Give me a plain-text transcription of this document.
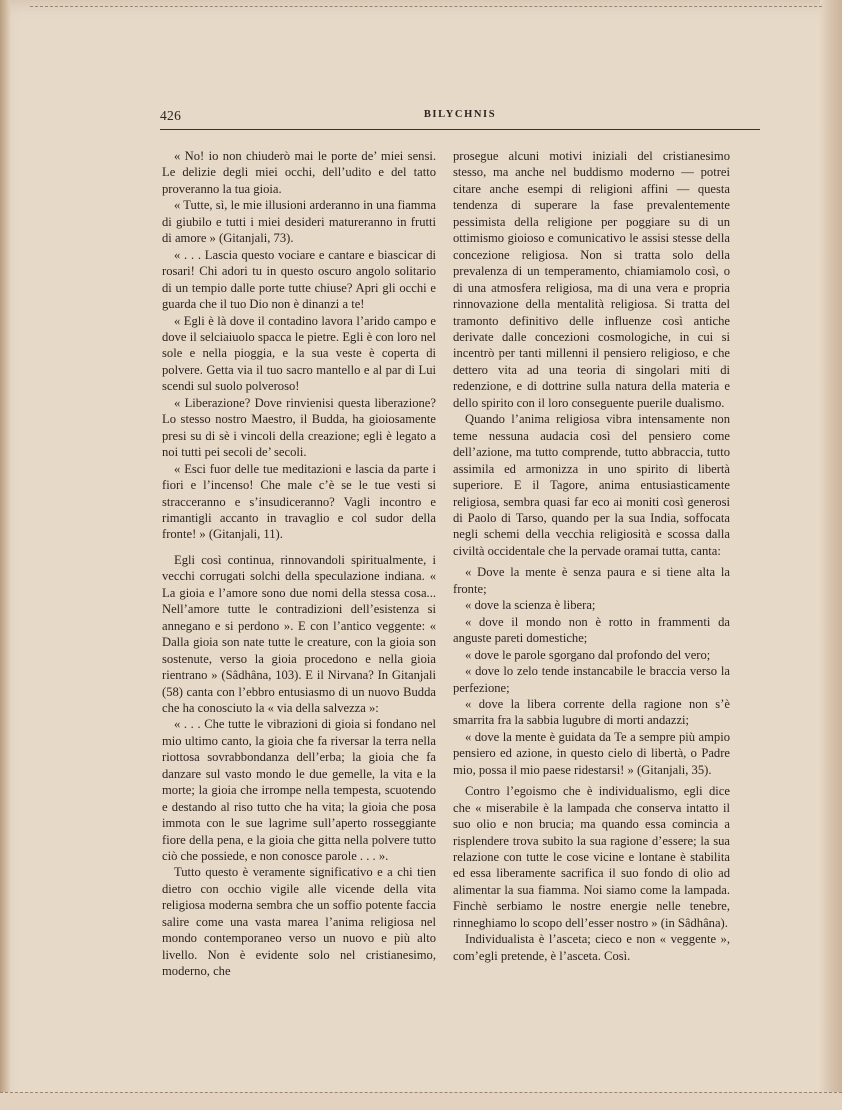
426	BILYCHNIS

« No! io non chiuderò mai le porte de’ miei sensi. Le delizie degli miei occhi, dell’udito e del tatto proveranno la tua gioia.

« Tutte, sì, le mie illusioni arderanno in una fiamma di giubilo e tutti i miei desideri matureranno in frutti di amore » (Gitanjali, 73).

« . . . Lascia questo vociare e cantare e biascicar di rosari! Chi adori tu in questo oscuro angolo solitario di un tempio dalle porte tutte chiuse? Apri gli occhi e guarda che il tuo Dio non è dinanzi a te!

« Egli è là dove il contadino lavora l’arido campo e dove il selciaiuolo spacca le pietre. Egli è con loro nel sole e nella pioggia, e la sua veste è coperta di polvere. Getta via il tuo sacro mantello e al par di Lui scendi sul suolo polveroso!

« Liberazione? Dove rinvienisi questa liberazione? Lo stesso nostro Maestro, il Budda, ha gioiosamente presi su di sè i vincoli della creazione; egli è legato a noi tutti pei secoli de’ secoli.

« Esci fuor delle tue meditazioni e lascia da parte i fiori e l’incenso! Che male c’è se le tue vesti si stracceranno e s’insudiceranno? Vagli incontro e rimantigli accanto in travaglio e col sudor della fronte! » (Gitanjali, 11).

Egli così continua, rinnovandoli spiritualmente, i vecchi corrugati solchi della speculazione indiana. « La gioia e l’amore sono due nomi della stessa cosa... Nell’amore tutte le contradizioni dell’esistenza si annegano e si perdono ». E con l’antico veggente: « Dalla gioia son nate tutte le creature, con la gioia son sostenute, verso la gioia procedono e nella gioia rientrano » (Sâdhâna, 103). E il Nirvana? In Gitanjali (58) canta con l’ebbro entusiasmo di un nuovo Budda che ha conosciuto la « via della salvezza »:

« . . . Che tutte le vibrazioni di gioia si fondano nel mio ultimo canto, la gioia che fa riversar la terra nella riottosa sovrabbondanza dell’erba; la gioia che fa danzare sul vasto mondo le due gemelle, la vita e la morte; la gioia che irrompe nella tempesta, scuotendo e destando al riso tutto che ha vita; la gioia che posa immota con le sue lagrime sull’aperto rosseggiante fiore della pena, e la gioia che gitta nella polvere tutto ciò che possiede, e non conosce parole . . . ».

Tutto questo è veramente significativo e a chi tien dietro con occhio vigile alle vicende della vita religiosa moderna sembra che un soffio potente faccia salire come una vasta marea l’anima religiosa nel mondo contemporaneo verso un nuovo e più alto livello. Non è evidente solo nel cristianesimo, moderno, che

prosegue alcuni motivi iniziali del cristianesimo stesso, ma anche nel buddismo moderno — potrei citare anche esempi di religioni affini — questa tendenza di superare la fase prevalentemente pessimista della religione per poggiare su di un ottimismo gioioso e comunicativo le assisi stesse della concezione religiosa. Non si tratta solo della prevalenza di un temperamento, chiamiamolo così, o di una atmosfera religiosa, ma di una vera e propria rinnovazione della mentalità religiosa. Si tratta del tramonto definitivo delle influenze così antiche derivate dalle concezioni cosmologiche, in cui si incentrò per tanti millenni il pensiero religioso, e che dettero vita ad una teoria di singolari miti di redenzione, e di dottrine sulla natura della materia e dello spirito con il loro conseguente puerile dualismo.

Quando l’anima religiosa vibra intensamente non teme nessuna audacia così del pensiero come dell’azione, ma tutto comprende, tutto abbraccia, tutto assimila ed armonizza in uno spirito di libertà superiore. E il Tagore, anima entusiasticamente religiosa, sembra quasi far eco ai moniti così generosi di Paolo di Tarso, quando per la sua India, soffocata negli schemi della vecchia religiosità e scossa dalla civiltà occidentale che la pervade oramai tutta, canta:

« Dove la mente è senza paura e si tiene alta la fronte;

« dove la scienza è libera;

« dove il mondo non è rotto in frammenti da anguste pareti domestiche;

« dove le parole sgorgano dal profondo del vero;

« dove lo zelo tende instancabile le braccia verso la perfezione;

« dove la libera corrente della ragione non s’è smarrita fra la sabbia lugubre di morti andazzi;

« dove la mente è guidata da Te a sempre più ampio pensiero ed azione, in questo cielo di libertà, o Padre mio, possa il mio paese ridestarsi! » (Gitanjali, 35).

Contro l’egoismo che è individualismo, egli dice che « miserabile è la lampada che conserva intatto il suo olio e non brucia; ma quando essa comincia a risplendere trova subito la sua ragione d’essere; la sua relazione con tutte le cose vicine e lontane è stabilita ed essa liberamente sacrifica il suo fondo di olio ad alimentar la sua fiamma. Noi siamo come la lampada. Finchè serbiamo le nostre energie nelle tenebre, rinneghiamo lo scopo dell’esser nostro » (in Sâdhâna).

Individualista è l’asceta; cieco e non « veggente », com’egli pretende, è l’asceta. Così.
